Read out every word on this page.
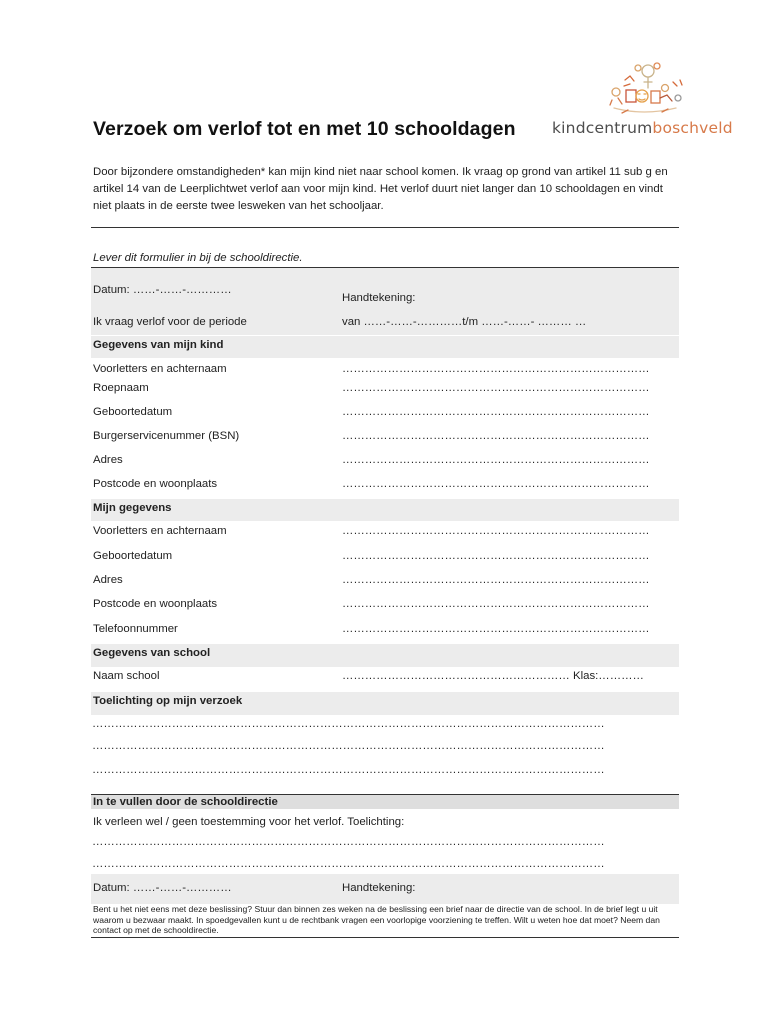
kindcentrumboschveld
Verzoek om verlof tot en met 10 schooldagen
Door bijzondere omstandigheden* kan mijn kind niet naar school komen. Ik vraag op grond van artikel 11 sub g en artikel 14 van de Leerplichtwet verlof aan voor mijn kind. Het verlof duurt niet langer dan 10 schooldagen en vindt niet plaats in de eerste twee lesweken van het schooljaar.
Lever dit formulier in bij de schooldirectie.
Datum: ……-……-…………
Handtekening:
Ik vraag verlof voor de periode	van ……-……-…………t/m ……-……- ……… …
Gegevens van mijn kind
Voorletters en achternaam	………………………………………………………………………
Roepnaam	………………………………………………………………………
Geboortedatum	………………………………………………………………………
Burgerservicenummer (BSN)	………………………………………………………………………
Adres	………………………………………………………………………
Postcode en woonplaats	………………………………………………………………………
Mijn gegevens
Voorletters en achternaam	………………………………………………………………………
Geboortedatum	………………………………………………………………………
Adres	………………………………………………………………………
Postcode en woonplaats	………………………………………………………………………
Telefoonnummer	………………………………………………………………………
Gegevens van school
Naam school	…………………………………………………… Klas:…………
Toelichting op mijn verzoek
………………………………………………………………………………………………………………………
………………………………………………………………………………………………………………………
………………………………………………………………………………………………………………………
In te vullen door de schooldirectie
Ik verleen wel / geen toestemming voor het verlof. Toelichting:
………………………………………………………………………………………………………………………
………………………………………………………………………………………………………………………
Datum: ……-……-…………	Handtekening:
Bent u het niet eens met deze beslissing? Stuur dan binnen zes weken na de beslissing een brief naar de directie van de school. In de brief legt u uit waarom u bezwaar maakt. In spoedgevallen kunt u de rechtbank vragen een voorlopige voorziening te treffen. Wilt u weten hoe dat moet? Neem dan contact op met de schooldirectie.
